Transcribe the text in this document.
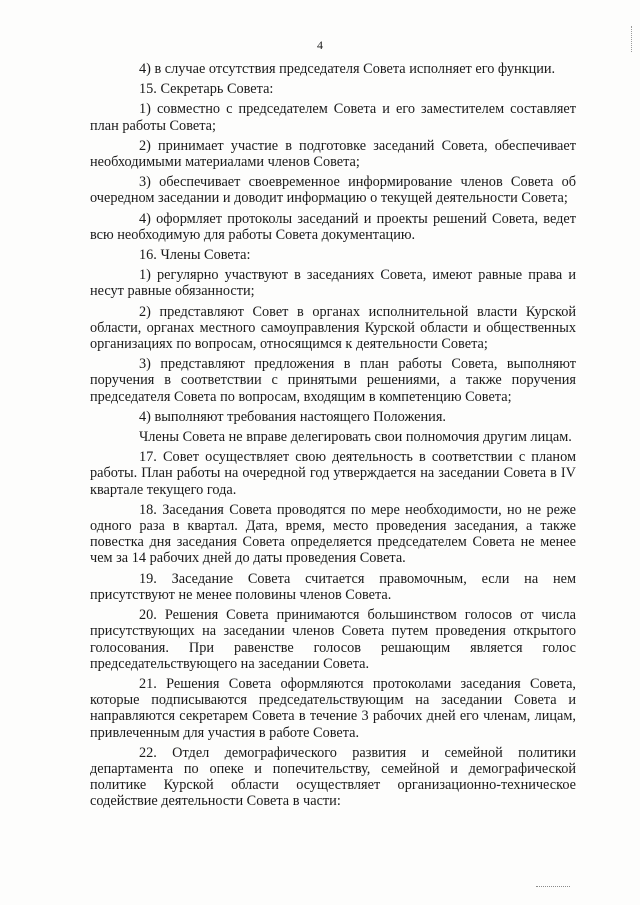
4

4) в случае отсутствия председателя Совета исполняет его функции.

15. Секретарь Совета:

1) совместно с председателем Совета и его заместителем составляет план работы Совета;

2) принимает участие в подготовке заседаний Совета, обеспечивает необходимыми материалами членов Совета;

3) обеспечивает своевременное информирование членов Совета об очередном заседании и доводит информацию о текущей деятельности Совета;

4) оформляет протоколы заседаний и проекты решений Совета, ведет всю необходимую для работы Совета документацию.

16. Члены Совета:

1) регулярно участвуют в заседаниях Совета, имеют равные права и несут равные обязанности;

2) представляют Совет в органах исполнительной власти Курской области, органах местного самоуправления Курской области и общественных организациях по вопросам, относящимся к деятельности Совета;

3) представляют предложения в план работы Совета, выполняют поручения в соответствии с принятыми решениями, а также поручения председателя Совета по вопросам, входящим в компетенцию Совета;

4) выполняют требования настоящего Положения.

Члены Совета не вправе делегировать свои полномочия другим лицам.

17. Совет осуществляет свою деятельность в соответствии с планом работы. План работы на очередной год утверждается на заседании Совета в IV квартале текущего года.

18. Заседания Совета проводятся по мере необходимости, но не реже одного раза в квартал. Дата, время, место проведения заседания, а также повестка дня заседания Совета определяется председателем Совета не менее чем за 14 рабочих дней до даты проведения Совета.

19. Заседание Совета считается правомочным, если на нем присутствуют не менее половины членов Совета.

20. Решения Совета принимаются большинством голосов от числа присутствующих на заседании членов Совета путем проведения открытого голосования. При равенстве голосов решающим является голос председательствующего на заседании Совета.

21. Решения Совета оформляются протоколами заседания Совета, которые подписываются председательствующим на заседании Совета и направляются секретарем Совета в течение 3 рабочих дней его членам, лицам, привлеченным для участия в работе Совета.

22. Отдел демографического развития и семейной политики департамента по опеке и попечительству, семейной и демографической политике Курской области осуществляет организационно-техническое содействие деятельности Совета в части:
